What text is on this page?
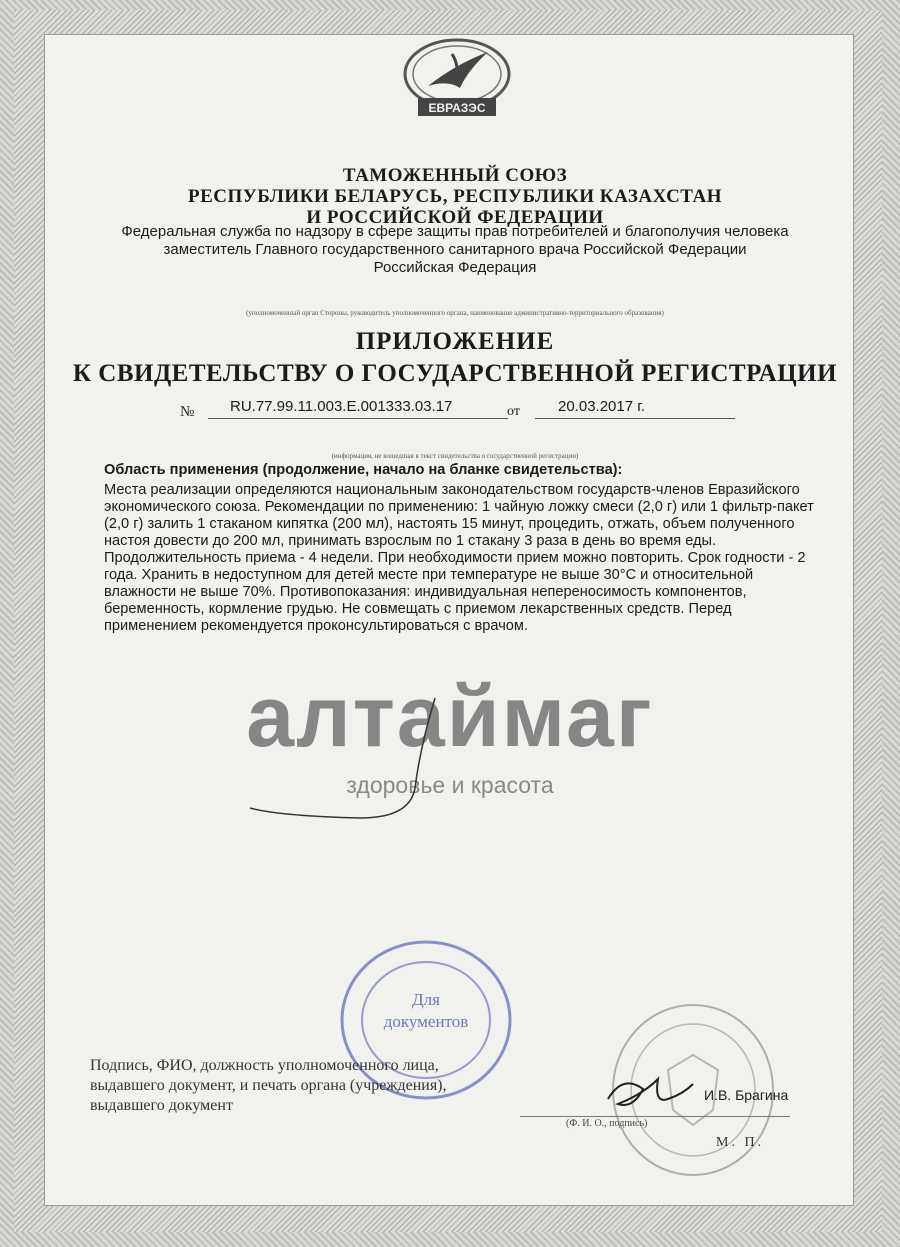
ЕВРАЗЭС
ТАМОЖЕННЫЙ СОЮЗ
РЕСПУБЛИКИ БЕЛАРУСЬ, РЕСПУБЛИКИ КАЗАХСТАН
И РОССИЙСКОЙ ФЕДЕРАЦИИ
Федеральная служба по надзору в сфере защиты прав потребителей и благополучия человека
заместитель Главного государственного санитарного врача Российской Федерации
Российская Федерация
(уполномоченный орган Стороны, руководитель уполномоченного органа, наименование административно-территориального образования)
ПРИЛОЖЕНИЕ
К СВИДЕТЕЛЬСТВУ О ГОСУДАРСТВЕННОЙ РЕГИСТРАЦИИ
№ RU.77.99.11.003.E.001333.03.17	от	20.03.2017 г.
(информация, не вошедшая в текст свидетельства о государственной регистрации)
Область применения (продолжение, начало на бланке свидетельства):
Места реализации определяются национальным законодательством государств-членов Евразийского экономического союза. Рекомендации по применению: 1 чайную ложку смеси (2,0 г) или 1 фильтр-пакет (2,0 г) залить 1 стаканом кипятка (200 мл), настоять 15 минут, процедить, отжать, объем полученного настоя довести до 200 мл, принимать взрослым по 1 стакану 3 раза в день во время еды. Продолжительность приема - 4 недели. При необходимости прием можно повторить. Срок годности - 2 года. Хранить в недоступном для детей месте при температуре не выше 30°С и относительной влажности не выше 70%. Противопоказания: индивидуальная непереносимость компонентов, беременность, кормление грудью. Не совмещать с приемом лекарственных средств. Перед применением рекомендуется проконсультироваться с врачом.
алтаймаг
здоровье и красота
Для
документов
Подпись, ФИО, должность уполномоченного лица, выдавшего документ, и печать органа (учреждения), выдавшего документ
И.В. Брагина
(Ф. И. О., подпись)
М. П.
